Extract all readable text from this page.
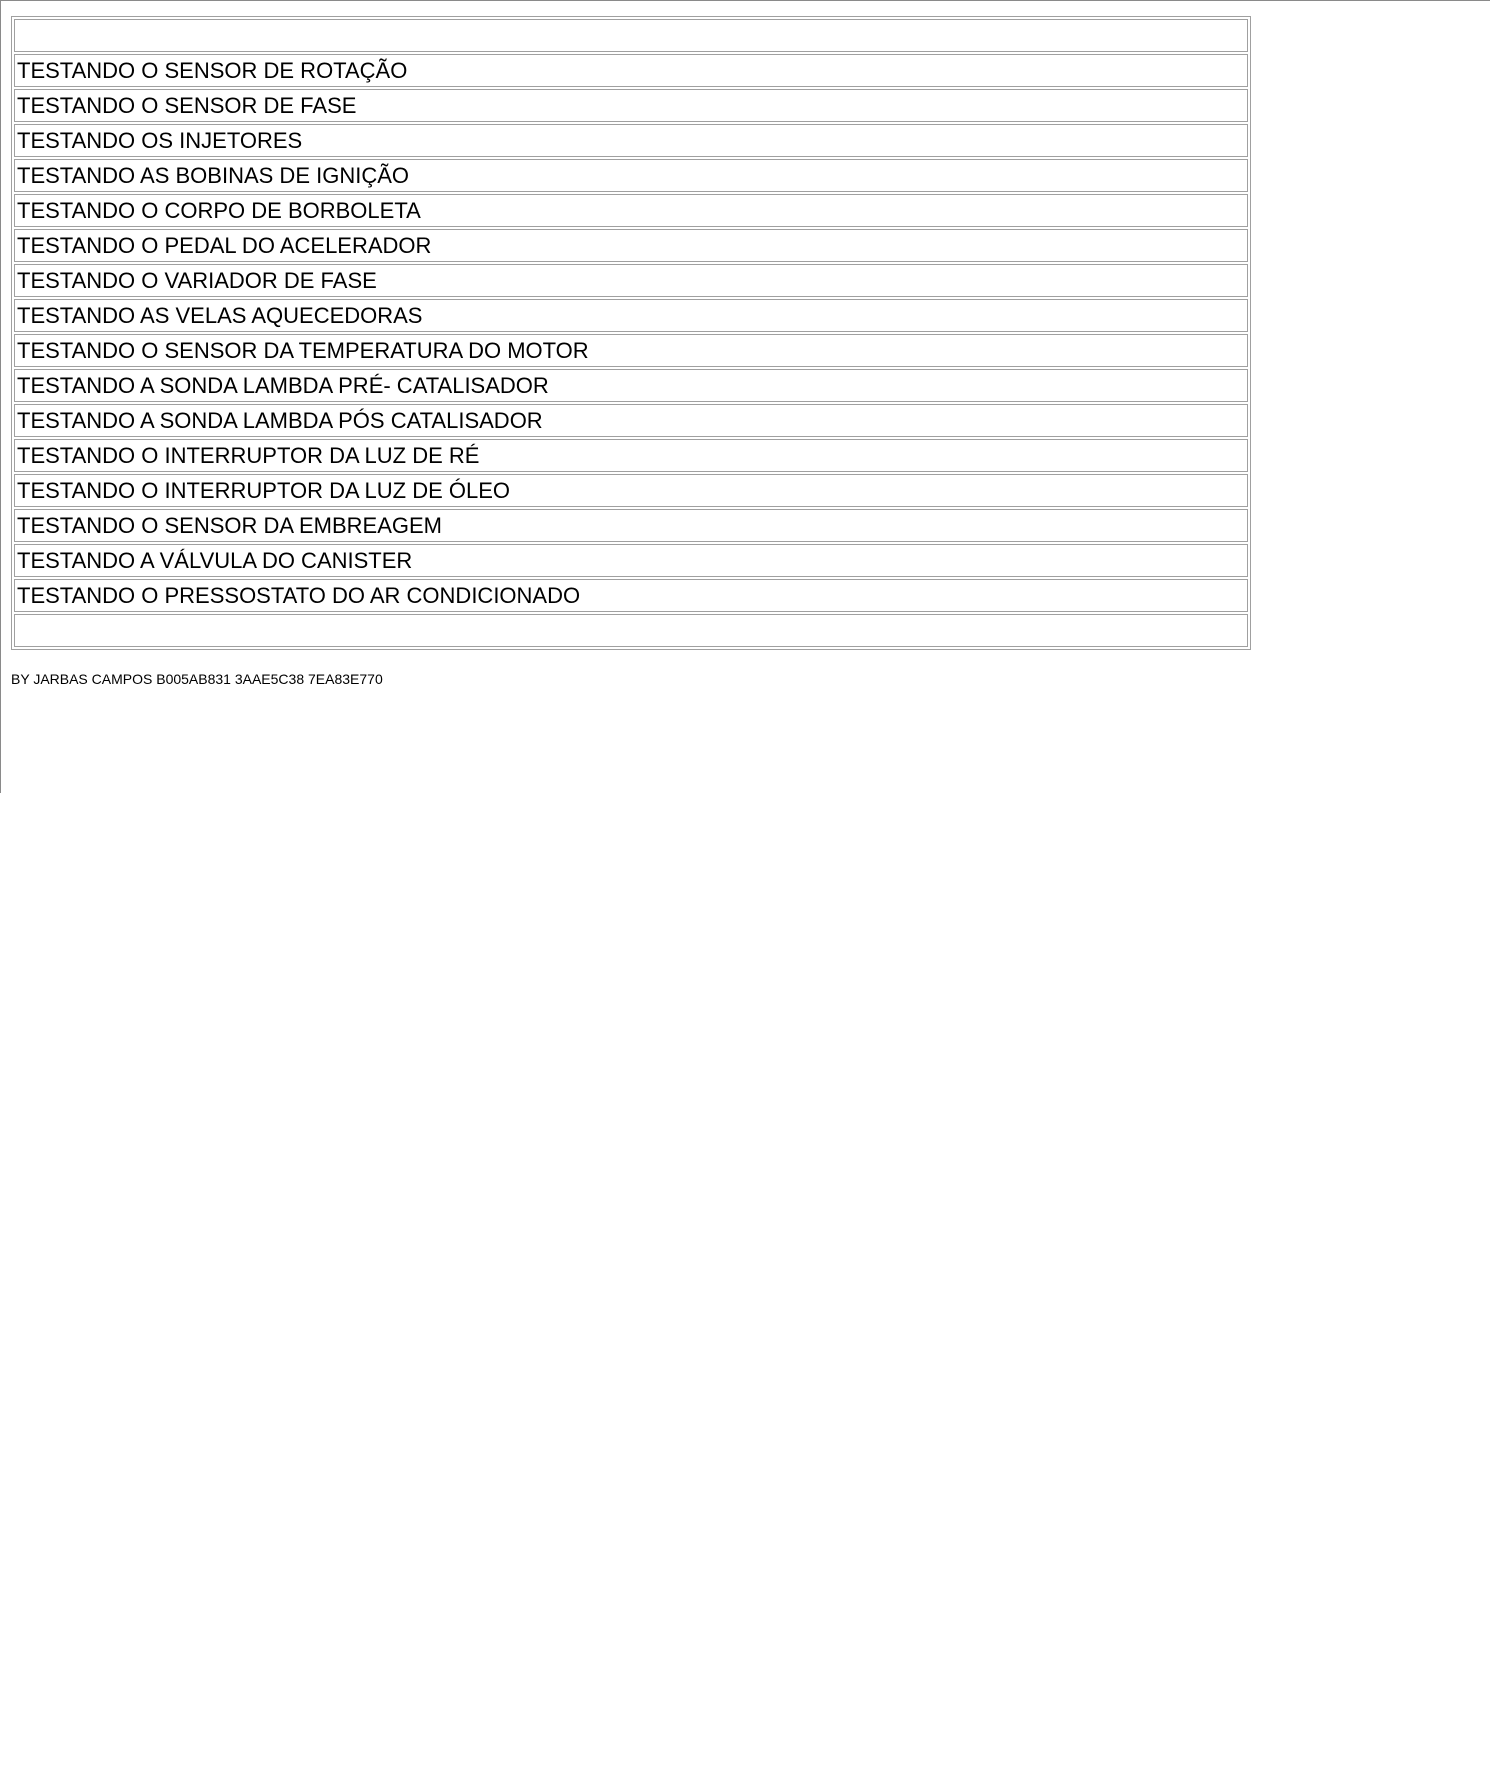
TESTANDO O SENSOR DE ROTAÇÃO
TESTANDO O SENSOR DE FASE
TESTANDO OS INJETORES
TESTANDO AS BOBINAS DE IGNIÇÃO
TESTANDO O CORPO DE BORBOLETA
TESTANDO O PEDAL DO ACELERADOR
TESTANDO O VARIADOR DE FASE
TESTANDO AS VELAS AQUECEDORAS
TESTANDO O SENSOR DA TEMPERATURA DO MOTOR
TESTANDO A SONDA LAMBDA PRÉ- CATALISADOR
TESTANDO A SONDA LAMBDA PÓS CATALISADOR
TESTANDO O INTERRUPTOR DA LUZ DE RÉ
TESTANDO O INTERRUPTOR DA LUZ DE ÓLEO
TESTANDO O SENSOR DA EMBREAGEM
TESTANDO A VÁLVULA DO CANISTER
TESTANDO O PRESSOSTATO DO AR CONDICIONADO
BY JARBAS CAMPOS B005AB831 3AAE5C38 7EA83E770
